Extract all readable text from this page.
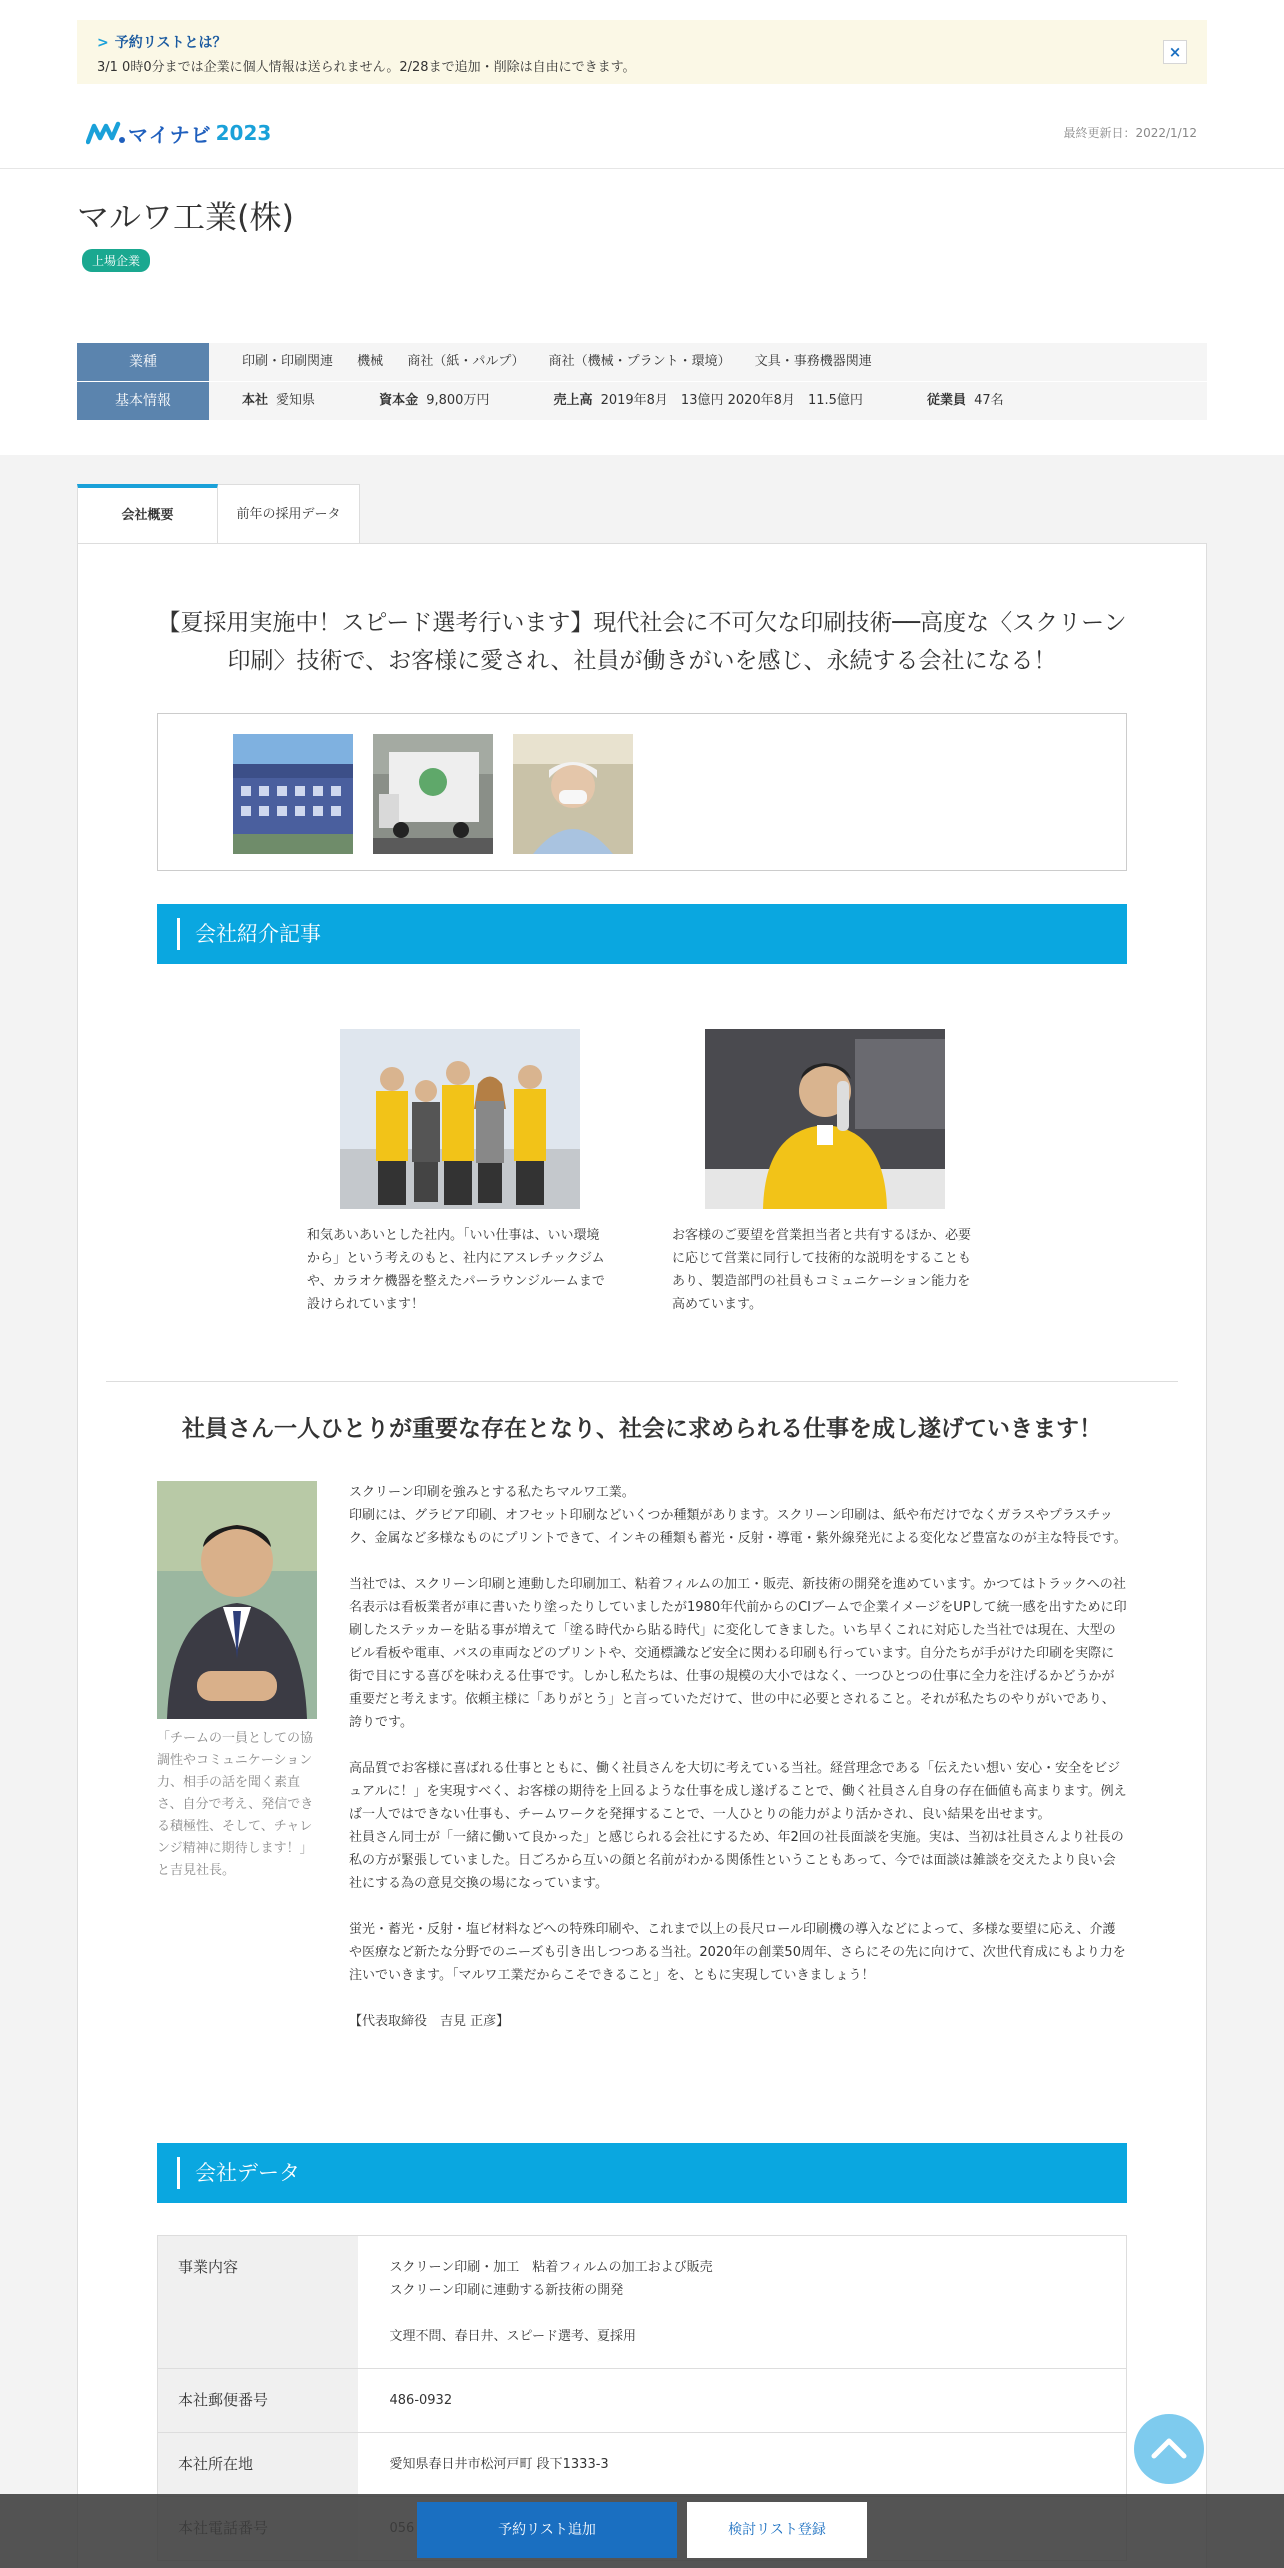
> 予約リストとは？
3/1 0時0分までは企業に個人情報は送られません。2/28まで追加・削除は自由にできます。
×
マイナビ 2023	最終更新日：2022/1/12
マルワ工業(株)
上場企業
業種	印刷・印刷関連 機械 商社（紙・パルプ） 商社（機械・プラント・環境） 文具・事務機器関連
基本情報	本社 愛知県	資本金 9,800万円	売上高 2019年8月　13億円 2020年8月　11.5億円	従業員 47名
会社概要	前年の採用データ
【夏採用実施中！スピード選考行います】現代社会に不可欠な印刷技術──高度な〈スクリーン印刷〉技術で、お客様に愛され、社員が働きがいを感じ、永続する会社になる！
会社紹介記事
和気あいあいとした社内。「いい仕事は、いい環境から」という考えのもと、社内にアスレチックジムや、カラオケ機器を整えたパーラウンジルームまで設けられています！
お客様のご要望を営業担当者と共有するほか、必要に応じて営業に同行して技術的な説明をすることもあり、製造部門の社員もコミュニケーション能力を高めています。
社員さん一人ひとりが重要な存在となり、社会に求められる仕事を成し遂げていきます！
「チームの一員としての協調性やコミュニケーション力、相手の話を聞く素直さ、自分で考え、発信できる積極性、そして、チャレンジ精神に期待します！」と吉見社長。

スクリーン印刷を強みとする私たちマルワ工業。
印刷には、グラビア印刷、オフセット印刷などいくつか種類があります。スクリーン印刷は、紙や布だけでなくガラスやプラスチック、金属など多様なものにプリントできて、インキの種類も蓄光・反射・導電・紫外線発光による変化など豊富なのが主な特長です。

当社では、スクリーン印刷と連動した印刷加工、粘着フィルムの加工・販売、新技術の開発を進めています。かつてはトラックへの社名表示は看板業者が車に書いたり塗ったりしていましたが1980年代前からのCIブームで企業イメージをUPして統一感を出すために印刷したステッカーを貼る事が増えて「塗る時代から貼る時代」に変化してきました。いち早くこれに対応した当社では現在、大型のビル看板や電車、バスの車両などのプリントや、交通標識など安全に関わる印刷も行っています。自分たちが手がけた印刷を実際に街で目にする喜びを味わえる仕事です。しかし私たちは、仕事の規模の大小ではなく、一つひとつの仕事に全力を注げるかどうかが重要だと考えます。依頼主様に「ありがとう」と言っていただけて、世の中に必要とされること。それが私たちのやりがいであり、誇りです。

高品質でお客様に喜ばれる仕事とともに、働く社員さんを大切に考えている当社。経営理念である「伝えたい想い 安心・安全をビジュアルに！」を実現すべく、お客様の期待を上回るような仕事を成し遂げることで、働く社員さん自身の存在価値も高まります。例えば一人ではできない仕事も、チームワークを発揮することで、一人ひとりの能力がより活かされ、良い結果を出せます。
社員さん同士が「一緒に働いて良かった」と感じられる会社にするため、年2回の社長面談を実施。実は、当初は社員さんより社長の私の方が緊張していました。日ごろから互いの顔と名前がわかる関係性ということもあって、今では面談は雑談を交えたより良い会社にする為の意見交換の場になっています。

蛍光・蓄光・反射・塩ビ材料などへの特殊印刷や、これまで以上の長尺ロール印刷機の導入などによって、多様な要望に応え、介護や医療など新たな分野でのニーズも引き出しつつある当社。2020年の創業50周年、さらにその先に向けて、次世代育成にもより力を注いでいきます。「マルワ工業だからこそできること」を、ともに実現していきましょう！

【代表取締役　吉見 正彦】

会社データ
事業内容	スクリーン印刷・加工　粘着フィルムの加工および販売
スクリーン印刷に連動する新技術の開発

文理不問、春日井、スピード選考、夏採用
本社郵便番号	486-0932
本社所在地	愛知県春日井市松河戸町 段下1333-3

予約リスト追加	検討リスト登録
